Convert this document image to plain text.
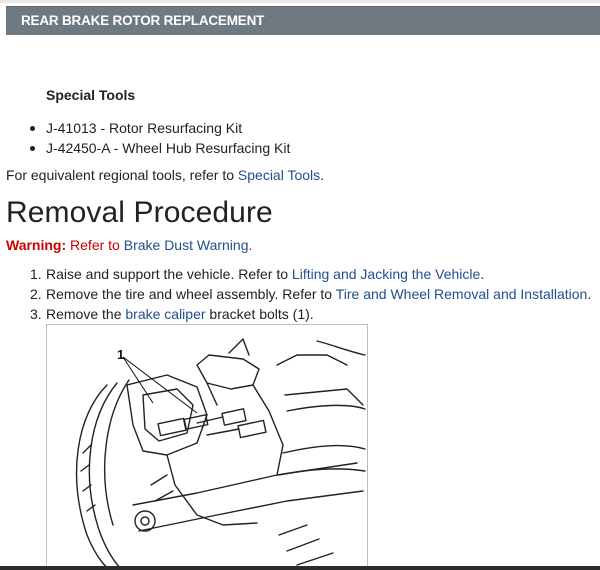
REAR BRAKE ROTOR REPLACEMENT
Special Tools
J-41013 - Rotor Resurfacing Kit
J-42450-A - Wheel Hub Resurfacing Kit
For equivalent regional tools, refer to Special Tools.
Removal Procedure
Warning: Refer to Brake Dust Warning.
1. Raise and support the vehicle. Refer to Lifting and Jacking the Vehicle.
2. Remove the tire and wheel assembly. Refer to Tire and Wheel Removal and Installation.
3. Remove the brake caliper bracket bolts (1).
1
